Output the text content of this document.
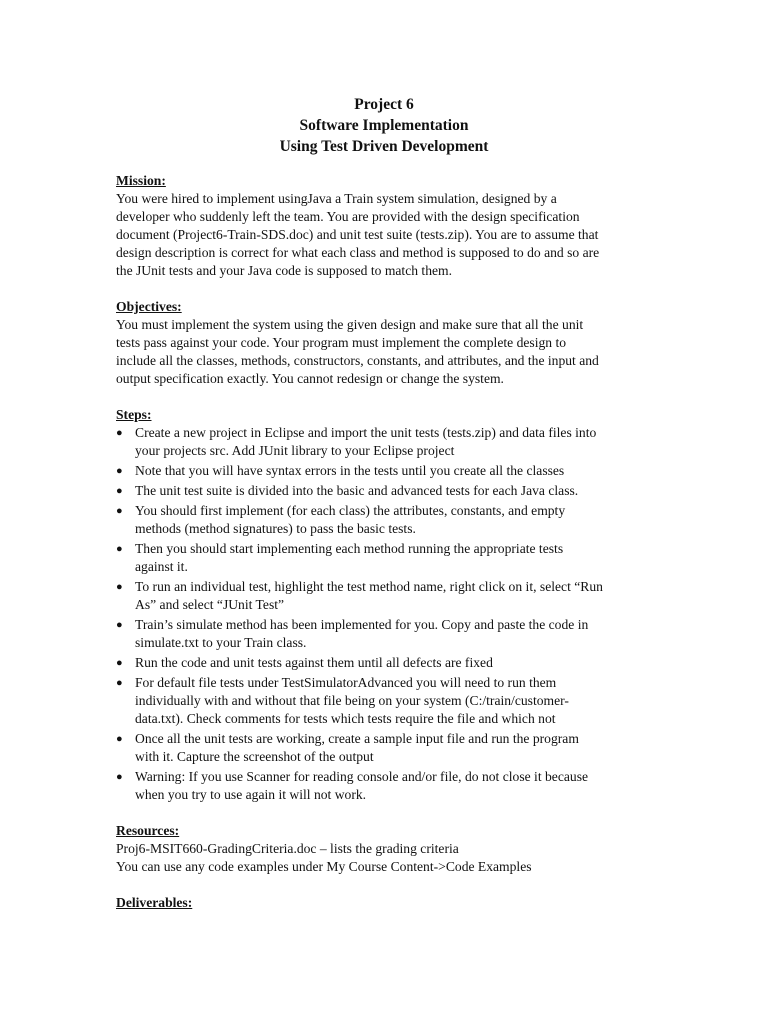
Project 6
Software Implementation
Using Test Driven Development
Mission:
You were hired to implement usingJava a Train system simulation, designed by a
developer who suddenly left the team. You are provided with the design specification
document (Project6-Train-SDS.doc) and unit test suite (tests.zip). You are to assume that
design description is correct for what each class and method is supposed to do and so are
the JUnit tests and your Java code is supposed to match them.
Objectives:
You must implement the system using the given design and make sure that all the unit
tests pass against your code. Your program must implement the complete design to
include all the classes, methods, constructors, constants, and attributes, and the input and
output specification exactly. You cannot redesign or change the system.
Steps:
● Create a new project in Eclipse and import the unit tests (tests.zip) and data files into
your projects src. Add JUnit library to your Eclipse project
● Note that you will have syntax errors in the tests until you create all the classes
● The unit test suite is divided into the basic and advanced tests for each Java class.
● You should first implement (for each class) the attributes, constants, and empty
methods (method signatures) to pass the basic tests.
● Then you should start implementing each method running the appropriate tests
against it.
● To run an individual test, highlight the test method name, right click on it, select “Run
As” and select “JUnit Test”
● Train’s simulate method has been implemented for you. Copy and paste the code in
simulate.txt to your Train class.
● Run the code and unit tests against them until all defects are fixed
● For default file tests under TestSimulatorAdvanced you will need to run them
individually with and without that file being on your system (C:/train/customer-
data.txt). Check comments for tests which tests require the file and which not
● Once all the unit tests are working, create a sample input file and run the program
with it. Capture the screenshot of the output
● Warning: If you use Scanner for reading console and/or file, do not close it because
when you try to use again it will not work.
Resources:
Proj6-MSIT660-GradingCriteria.doc – lists the grading criteria
You can use any code examples under My Course Content->Code Examples
Deliverables:
